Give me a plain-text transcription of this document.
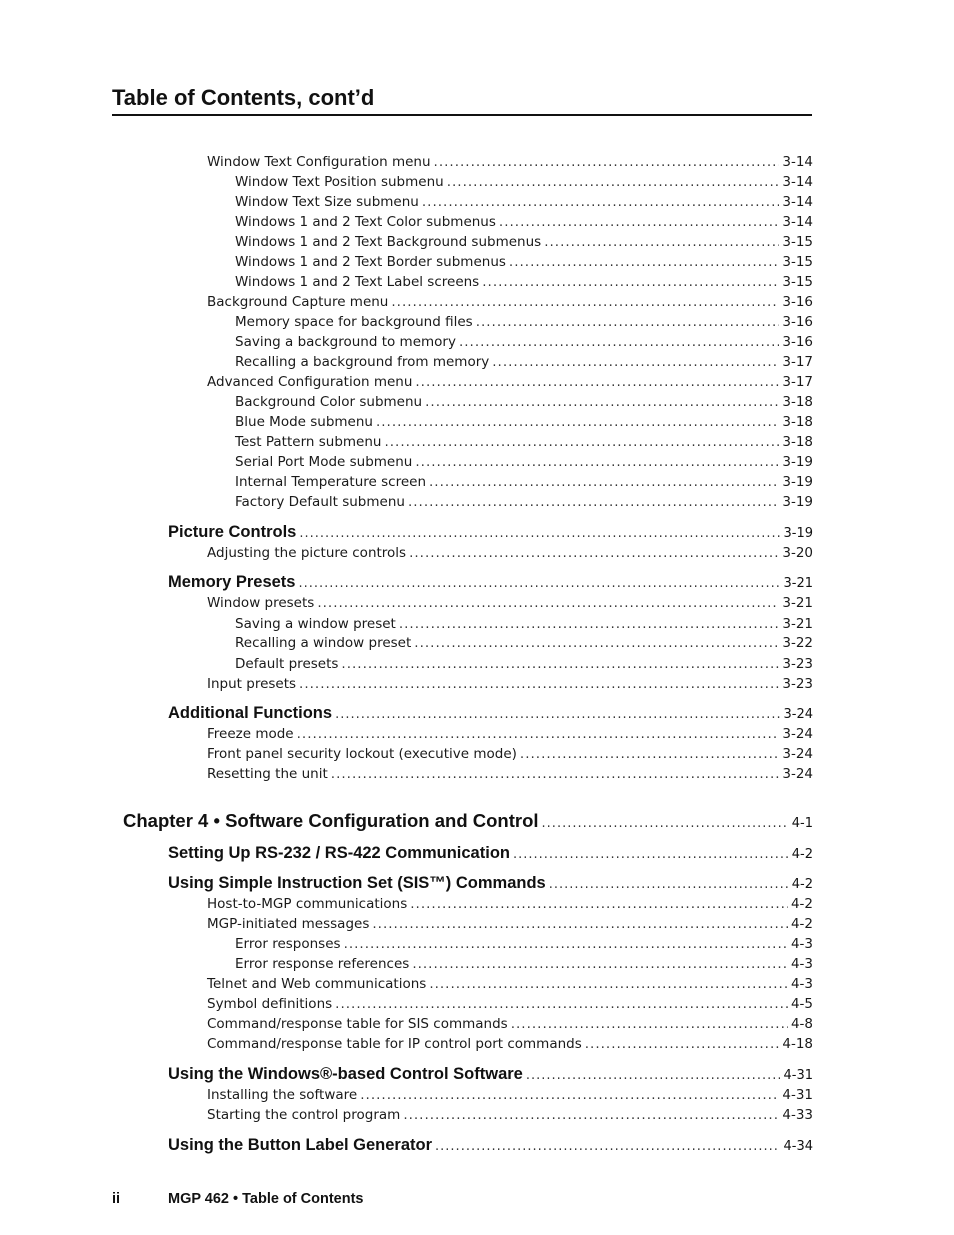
Table of Contents, cont’d
Window Text Configuration menu .....	3-14
Window Text Position submenu .....	3-14
Window Text Size submenu .....	3-14
Windows 1 and 2 Text Color submenus .....	3-14
Windows 1 and 2 Text Background submenus .....	3-15
Windows 1 and 2 Text Border submenus .....	3-15
Windows 1 and 2 Text Label screens .....	3-15
Background Capture menu .....	3-16
Memory space for background files .....	3-16
Saving a background to memory .....	3-16
Recalling a background from memory .....	3-17
Advanced Configuration menu .....	3-17
Background Color submenu .....	3-18
Blue Mode submenu .....	3-18
Test Pattern submenu .....	3-18
Serial Port Mode submenu .....	3-19
Internal Temperature screen .....	3-19
Factory Default submenu .....	3-19
Picture Controls .....	3-19
Adjusting the picture controls .....	3-20
Memory Presets .....	3-21
Window presets .....	3-21
Saving a window preset .....	3-21
Recalling a window preset .....	3-22
Default presets .....	3-23
Input presets .....	3-23
Additional Functions .....	3-24
Freeze mode .....	3-24
Front panel security lockout (executive mode) .....	3-24
Resetting the unit .....	3-24
Chapter 4 • Software Configuration and Control .....	4-1
Setting Up RS-232 / RS-422 Communication .....	4-2
Using Simple Instruction Set (SIS™) Commands .....	4-2
Host-to-MGP communications .....	4-2
MGP-initiated messages .....	4-2
Error responses .....	4-3
Error response references .....	4-3
Telnet and Web communications .....	4-3
Symbol definitions .....	4-5
Command/response table for SIS commands .....	4-8
Command/response table for IP control port commands .....	4-18
Using the Windows®-based Control Software .....	4-31
Installing the software .....	4-31
Starting the control program .....	4-33
Using the Button Label Generator .....	4-34
ii	MGP 462 • Table of Contents
